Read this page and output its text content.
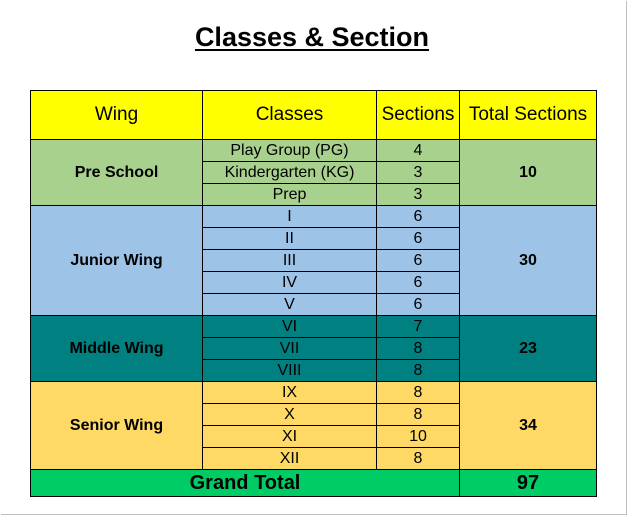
Classes & Section
Wing	Classes	Sections	Total Sections
Pre School	Play Group (PG)	4	10
	Kindergarten (KG)	3	
	Prep	3	
Junior Wing	I	6	30
	II	6	
	III	6	
	IV	6	
	V	6	
Middle Wing	VI	7	23
	VII	8	
	VIII	8	
Senior Wing	IX	8	34
	X	8	
	XI	10	
	XII	8	
Grand Total			97
